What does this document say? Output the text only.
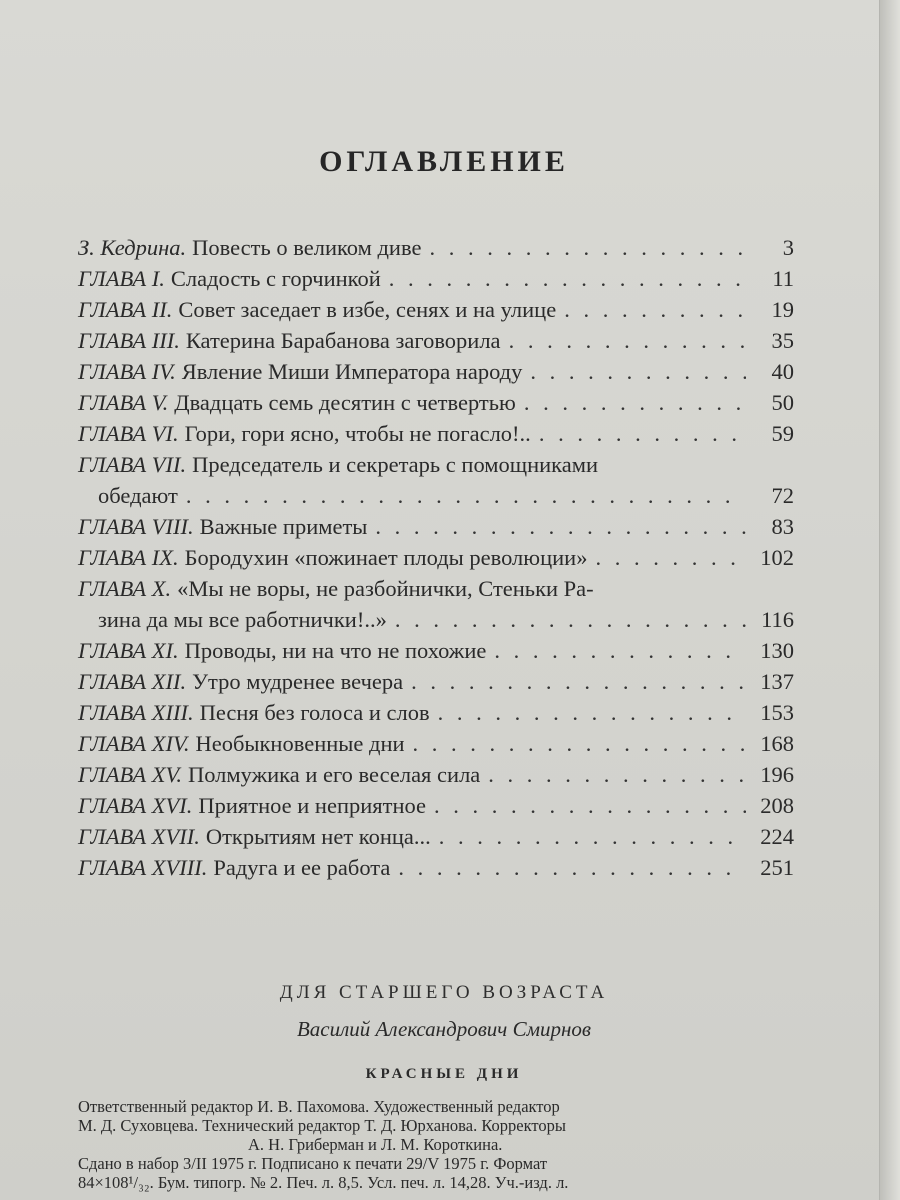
ОГЛАВЛЕНИЕ
З. Кедрина. Повесть о великом диве . . .	3
ГЛАВА I. Сладость с горчинкой . . .	11
ГЛАВА II. Совет заседает в избе, сенях и на улице . . .	19
ГЛАВА III. Катерина Барабанова заговорила . . .	35
ГЛАВА IV. Явление Миши Императора народу . . .	40
ГЛАВА V. Двадцать семь десятин с четвертью . . .	50
ГЛАВА VI. Гори, гори ясно, чтобы не погасло!.. . . .	59
ГЛАВА VII. Председатель и секретарь с помощниками
обедают . . .	72
ГЛАВА VIII. Важные приметы . . .	83
ГЛАВА IX. Бородухин «пожинает плоды революции» . . .	102
ГЛАВА X. «Мы не воры, не разбойнички, Стеньки Ра-
зина да мы все работнички!..» . . .	116
ГЛАВА XI. Проводы, ни на что не похожие . . .	130
ГЛАВА XII. Утро мудренее вечера . . .	137
ГЛАВА XIII. Песня без голоса и слов . . .	153
ГЛАВА XIV. Необыкновенные дни . . .	168
ГЛАВА XV. Полмужика и его веселая сила . . .	196
ГЛАВА XVI. Приятное и неприятное . . .	208
ГЛАВА XVII. Открытиям нет конца... . . .	224
ГЛАВА XVIII. Радуга и ее работа . . .	251
ДЛЯ СТАРШЕГО ВОЗРАСТА
Василий Александрович Смирнов
КРАСНЫЕ ДНИ
Ответственный редактор И. В. Пахомова. Художественный редактор
М. Д. Суховцева. Технический редактор Т. Д. Юрханова. Корректоры
А. Н. Гриберман и Л. М. Короткина.
Сдано в набор 3/II 1975 г. Подписано к печати 29/V 1975 г. Формат
84×108¹/₃₂. Бум. типогр. № 2. Печ. л. 8,5. Усл. печ. л. 14,28. Уч.-изд. л.
